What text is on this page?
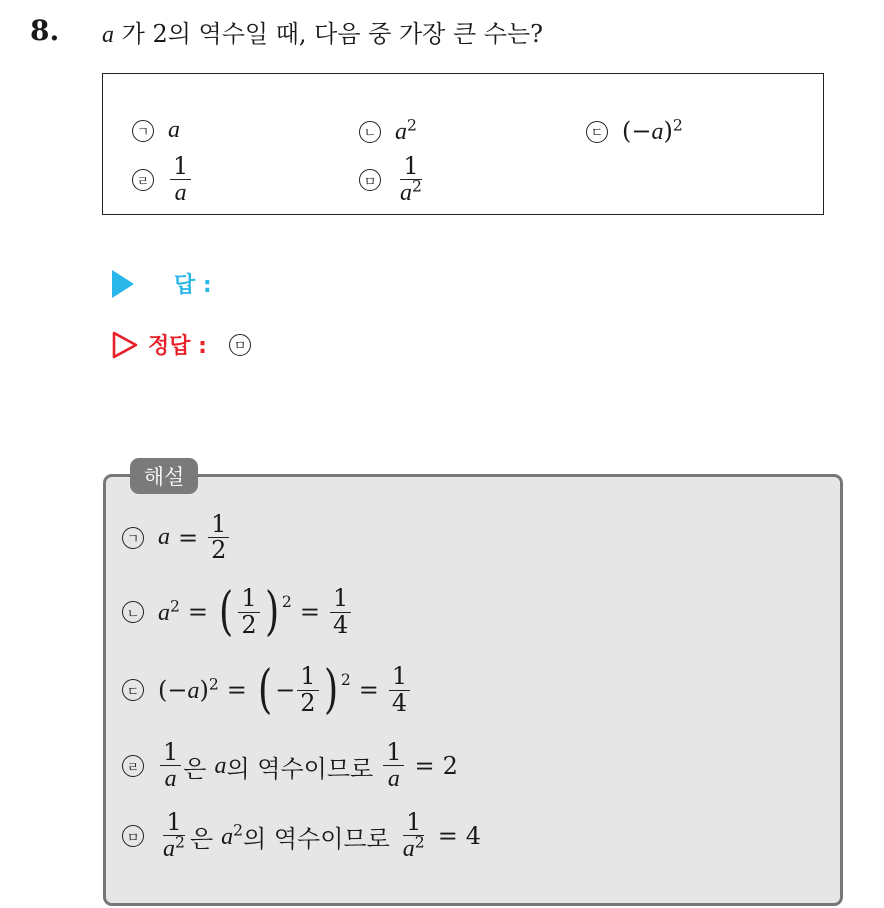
8. a 가 2의 역수일 때, 다음 중 가장 큰 수는?
ㄱ a	ㄴ $a^2$	ㄷ $(-a)^2$
ㄹ $\frac{1}{a}$	ㅁ $\frac{1}{a^2}$
답 :
정답 :	ㅁ
해설
ㄱ $a = \frac{1}{2}$
ㄴ $a^2$ = ( $\frac{1}{2} )^2 = \frac{1}{4}$
ㄷ $(-a)^2$ = ( − $\frac{1}{2} )^2 = \frac{1}{4}$
ㄹ $\frac{1}{a}$ 은 a 의 역수이므로 $\frac{1}{a} = 2$
ㅁ $\frac{1}{a^2}$ 은 $a^2$ 의 역수이므로 $\frac{1}{a^2} = 4$
